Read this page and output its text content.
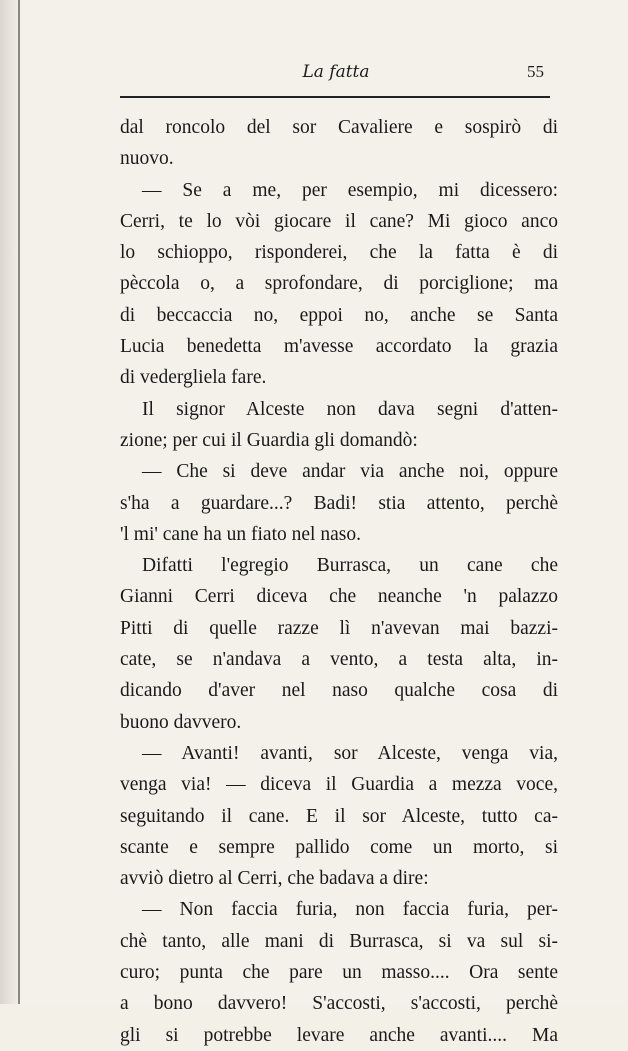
La fatta	55
dal roncolo del sor Cavaliere e sospirò di
nuovo.
— Se a me, per esempio, mi dicessero:
Cerri, te lo vòi giocare il cane? Mi gioco anco
lo schioppo, risponderei, che la fatta è di
pèccola o, a sprofondare, di porciglione; ma
di beccaccia no, eppoi no, anche se Santa
Lucia benedetta m'avesse accordato la grazia
di vedergliela fare.
Il signor Alceste non dava segni d'atten-
zione; per cui il Guardia gli domandò:
— Che si deve andar via anche noi, oppure
s'ha a guardare...? Badi! stia attento, perchè
'l mi' cane ha un fiato nel naso.
Difatti l'egregio Burrasca, un cane che
Gianni Cerri diceva che neanche 'n palazzo
Pitti di quelle razze lì n'avevan mai bazzi-
cate, se n'andava a vento, a testa alta, in-
dicando d'aver nel naso qualche cosa di
buono davvero.
— Avanti! avanti, sor Alceste, venga via,
venga via! — diceva il Guardia a mezza voce,
seguitando il cane. E il sor Alceste, tutto ca-
scante e sempre pallido come un morto, si
avviò dietro al Cerri, che badava a dire:
— Non faccia furia, non faccia furia, per-
chè tanto, alle mani di Burrasca, si va sul si-
curo; punta che pare un masso.... Ora sente
a bono davvero! S'accosti, s'accosti, perchè
gli si potrebbe levare anche avanti.... Ma
